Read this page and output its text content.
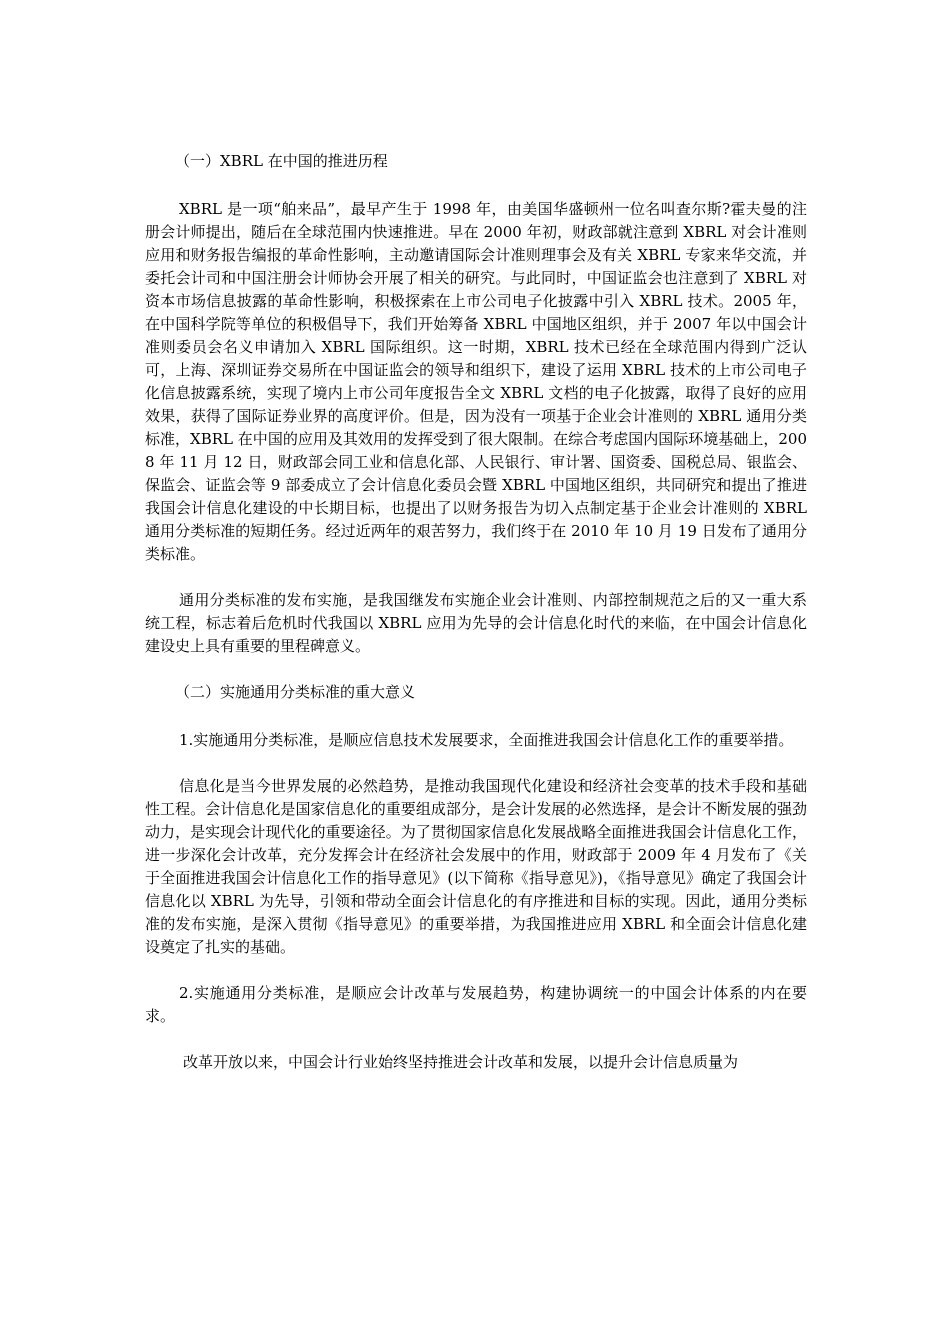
（一）XBRL 在中国的推进历程

XBRL 是一项“舶来品”，最早产生于 1998 年，由美国华盛顿州一位名叫查尔斯?霍夫曼的注册会计师提出，随后在全球范围内快速推进。早在 2000 年初，财政部就注意到 XBRL 对会计准则应用和财务报告编报的革命性影响，主动邀请国际会计准则理事会及有关 XBRL 专家来华交流，并委托会计司和中国注册会计师协会开展了相关的研究。与此同时，中国证监会也注意到了 XBRL 对资本市场信息披露的革命性影响，积极探索在上市公司电子化披露中引入 XBRL 技术。2005 年，在中国科学院等单位的积极倡导下，我们开始筹备 XBRL 中国地区组织，并于 2007 年以中国会计准则委员会名义申请加入 XBRL 国际组织。这一时期，XBRL 技术已经在全球范围内得到广泛认可，上海、深圳证券交易所在中国证监会的领导和组织下，建设了运用 XBRL 技术的上市公司电子化信息披露系统，实现了境内上市公司年度报告全文 XBRL 文档的电子化披露，取得了良好的应用效果，获得了国际证券业界的高度评价。但是，因为没有一项基于企业会计准则的 XBRL 通用分类标准，XBRL 在中国的应用及其效用的发挥受到了很大限制。在综合考虑国内国际环境基础上，2008 年 11 月 12 日，财政部会同工业和信息化部、人民银行、审计署、国资委、国税总局、银监会、保监会、证监会等 9 部委成立了会计信息化委员会暨 XBRL 中国地区组织，共同研究和提出了推进我国会计信息化建设的中长期目标，也提出了以财务报告为切入点制定基于企业会计准则的 XBRL 通用分类标准的短期任务。经过近两年的艰苦努力，我们终于在 2010 年 10 月 19 日发布了通用分类标准。

通用分类标准的发布实施，是我国继发布实施企业会计准则、内部控制规范之后的又一重大系统工程，标志着后危机时代我国以 XBRL 应用为先导的会计信息化时代的来临，在中国会计信息化建设史上具有重要的里程碑意义。

（二）实施通用分类标准的重大意义

1.实施通用分类标准，是顺应信息技术发展要求，全面推进我国会计信息化工作的重要举措。

信息化是当今世界发展的必然趋势，是推动我国现代化建设和经济社会变革的技术手段和基础性工程。会计信息化是国家信息化的重要组成部分，是会计发展的必然选择，是会计不断发展的强劲动力，是实现会计现代化的重要途径。为了贯彻国家信息化发展战略全面推进我国会计信息化工作，进一步深化会计改革，充分发挥会计在经济社会发展中的作用，财政部于 2009 年 4 月发布了《关于全面推进我国会计信息化工作的指导意见》(以下简称《指导意见》)，《指导意见》确定了我国会计信息化以 XBRL 为先导，引领和带动全面会计信息化的有序推进和目标的实现。因此，通用分类标准的发布实施，是深入贯彻《指导意见》的重要举措，为我国推进应用 XBRL 和全面会计信息化建设奠定了扎实的基础。

2.实施通用分类标准，是顺应会计改革与发展趋势，构建协调统一的中国会计体系的内在要求。

改革开放以来，中国会计行业始终坚持推进会计改革和发展，以提升会计信息质量为
